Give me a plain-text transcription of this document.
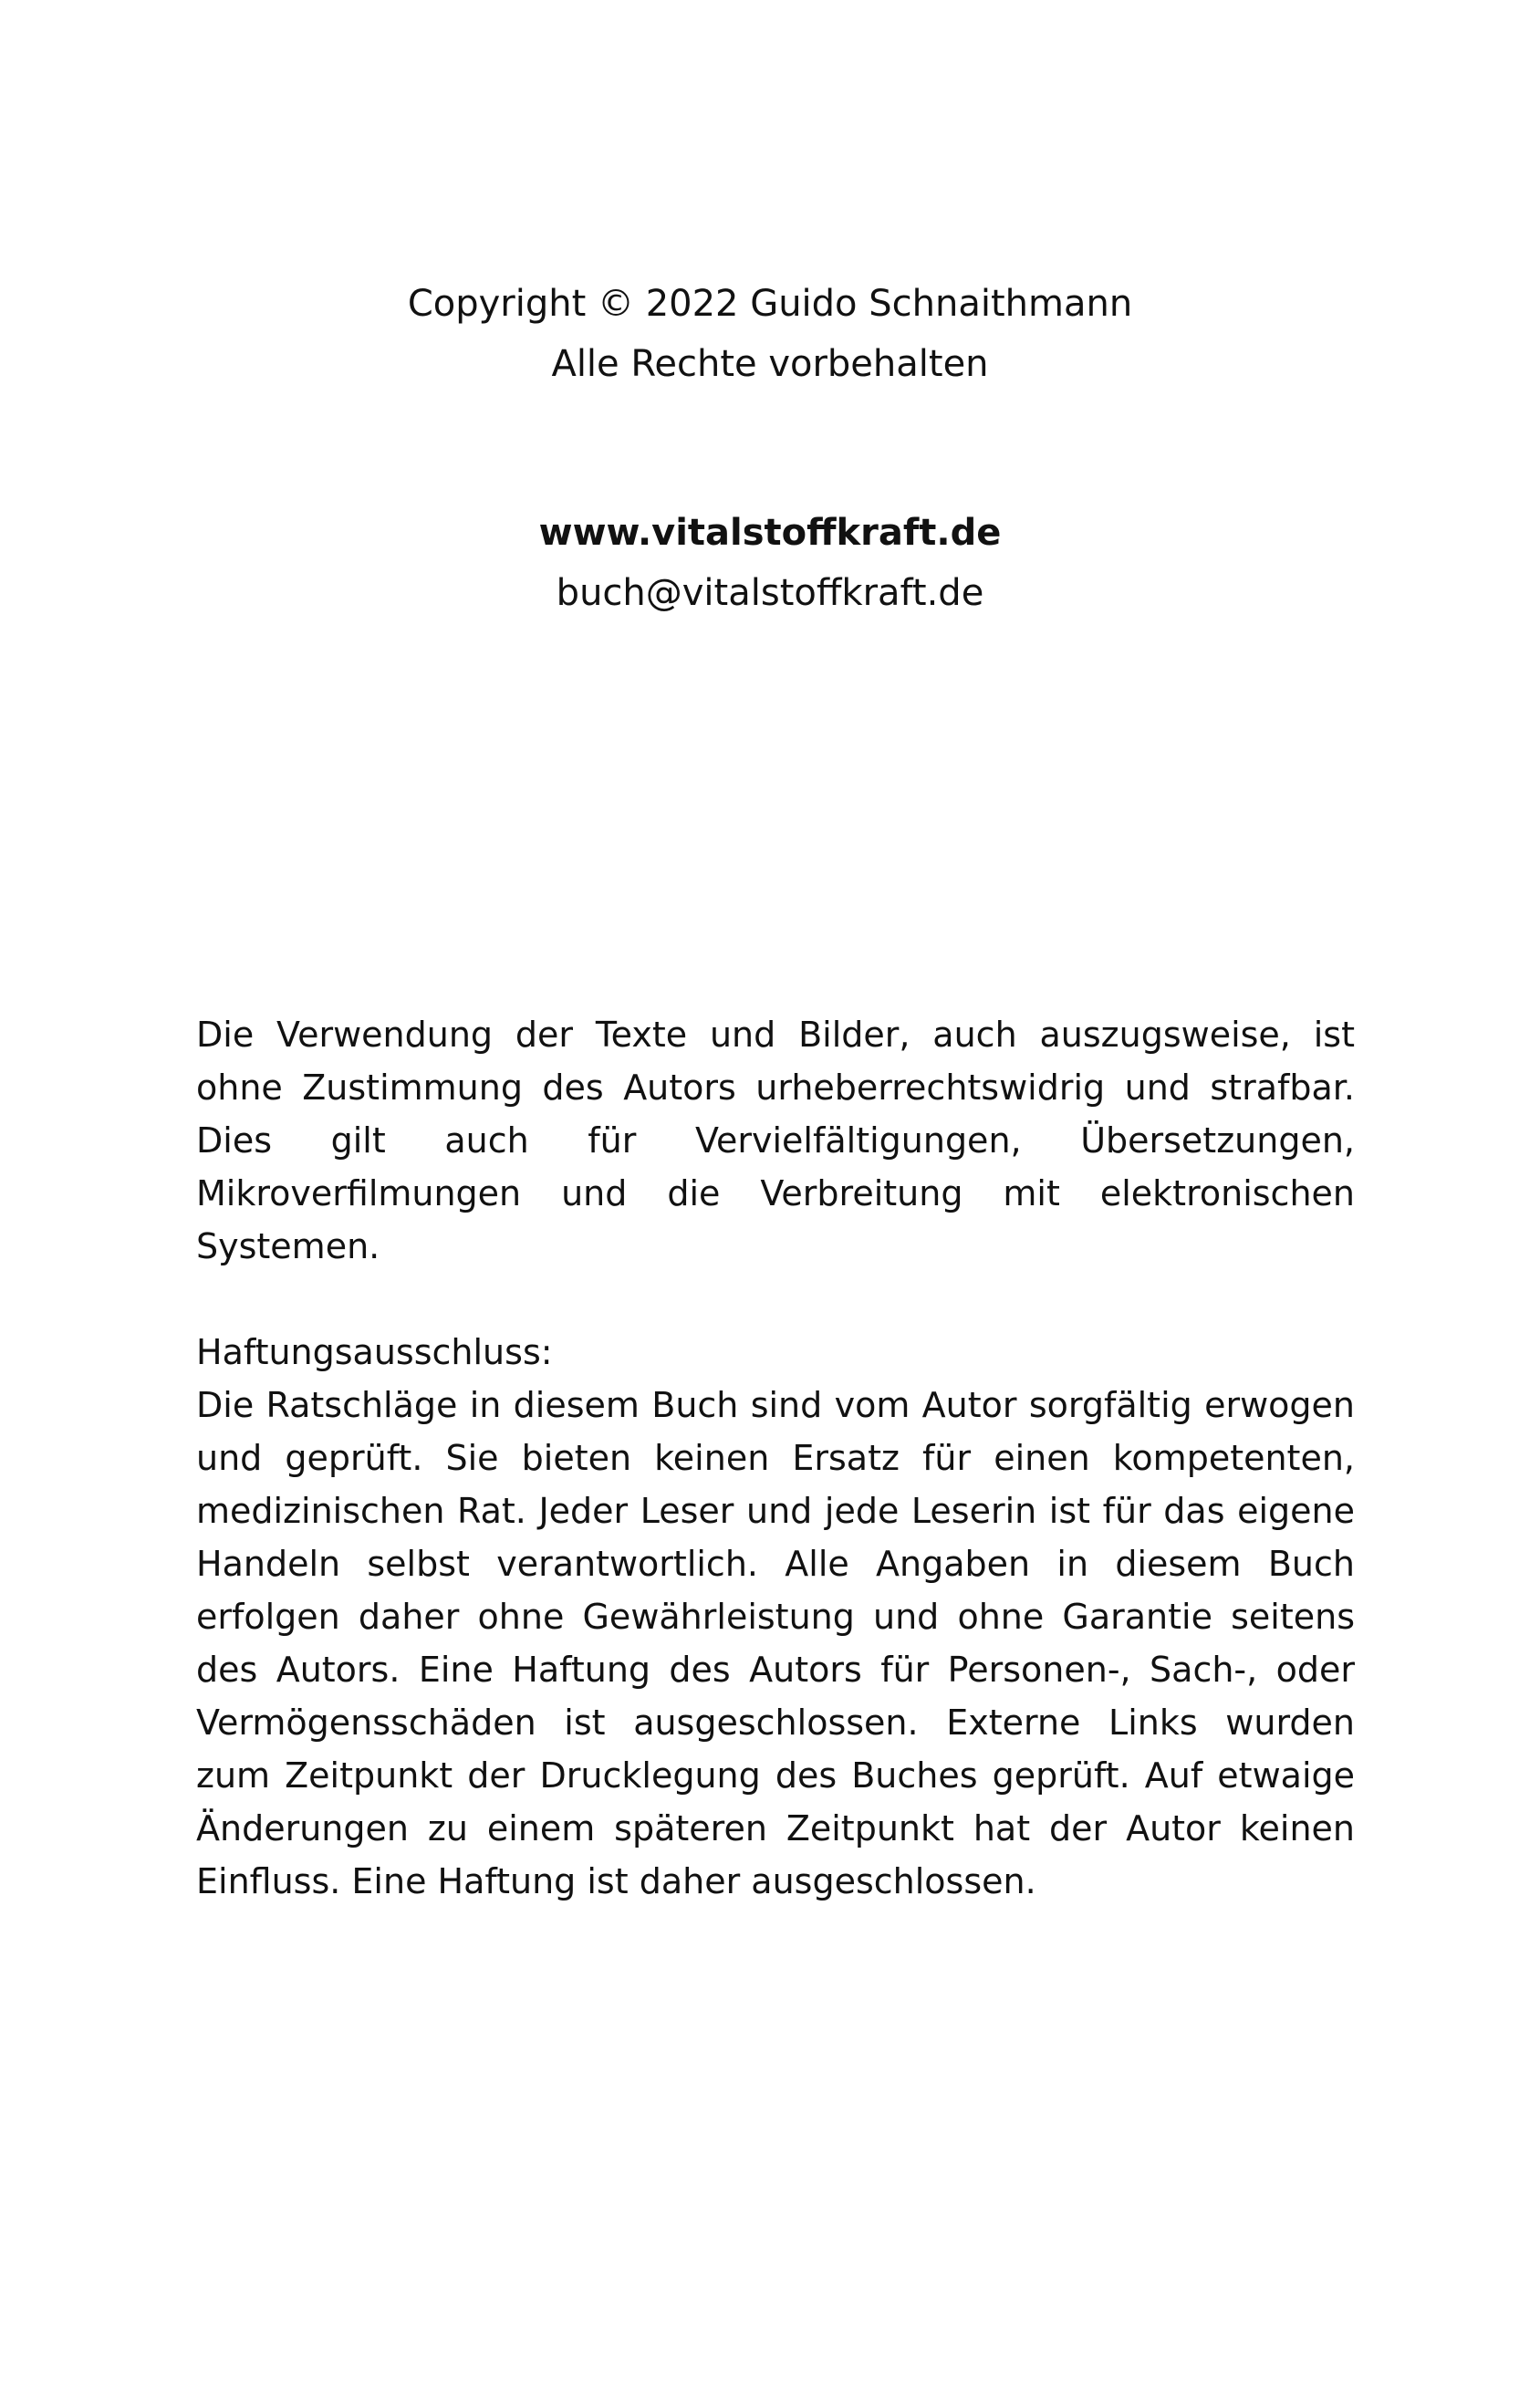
Copyright © 2022 Guido Schnaithmann

Alle Rechte vorbehalten

www.vitalstoffkraft.de

buch@vitalstoffkraft.de

Die Verwendung der Texte und Bilder, auch auszugsweise, ist ohne Zustimmung des Autors urheberrechtswidrig und strafbar. Dies gilt auch für Vervielfältigungen, Übersetzungen, Mikroverfilmungen und die Verbreitung mit elektronischen Systemen.

Haftungsausschluss:

Die Ratschläge in diesem Buch sind vom Autor sorgfältig erwogen und geprüft. Sie bieten keinen Ersatz für einen kompetenten, medizinischen Rat. Jeder Leser und jede Leserin ist für das eigene Handeln selbst verantwortlich. Alle Angaben in diesem Buch erfolgen daher ohne Gewährleistung und ohne Garantie seitens des Autors. Eine Haftung des Autors für Personen-, Sach-, oder Vermögensschäden ist ausgeschlossen. Externe Links wurden zum Zeitpunkt der Drucklegung des Buches geprüft. Auf etwaige Änderungen zu einem späteren Zeitpunkt hat der Autor keinen Einfluss. Eine Haftung ist daher ausgeschlossen.
